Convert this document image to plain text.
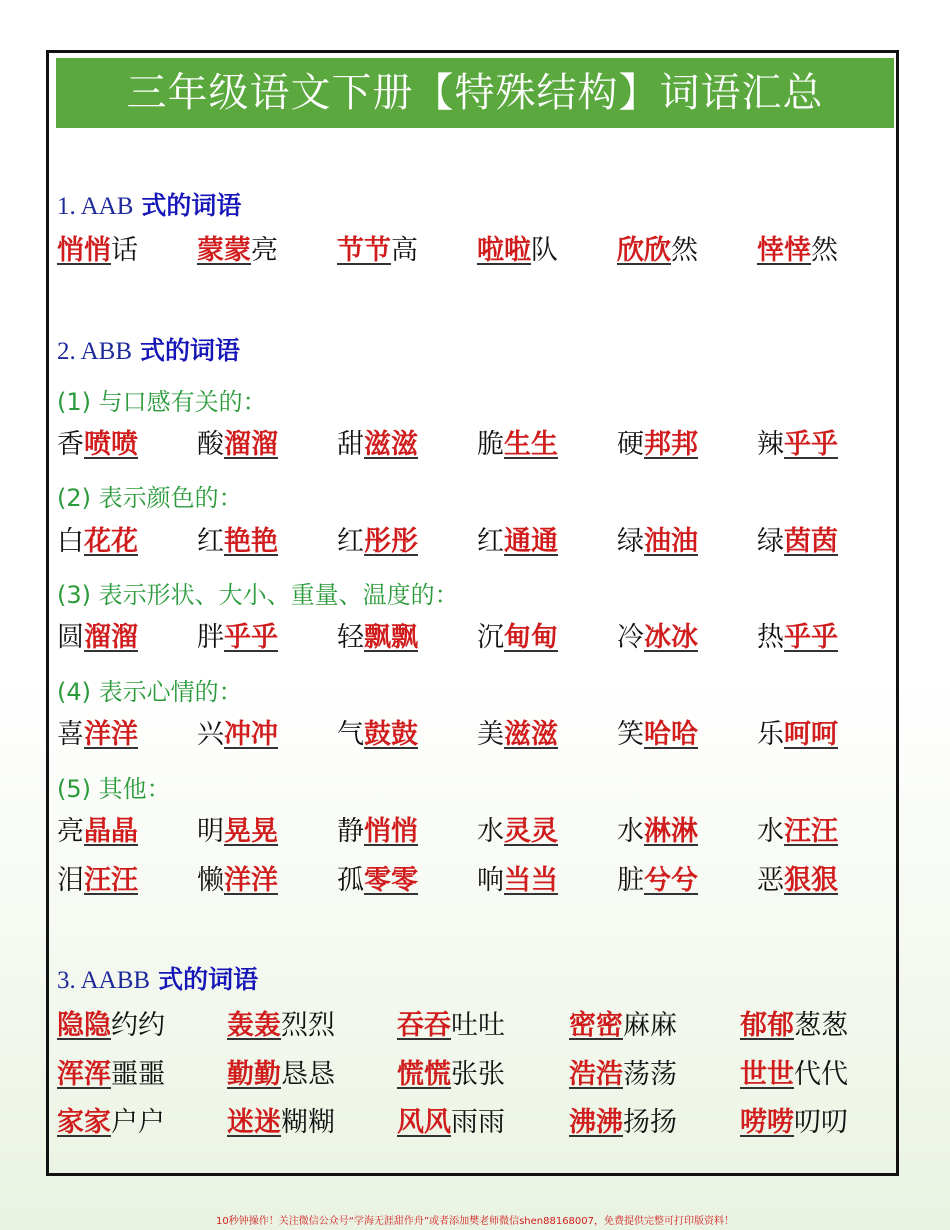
三年级语文下册【特殊结构】词语汇总
1. AAB 式的词语
悄悄话 蒙蒙亮 节节高 啦啦队 欣欣然 悻悻然
2. ABB 式的词语
(1) 与口感有关的：
香喷喷 酸溜溜 甜滋滋 脆生生 硬邦邦 辣乎乎
(2) 表示颜色的：
白花花 红艳艳 红彤彤 红通通 绿油油 绿茵茵
(3) 表示形状、大小、重量、温度的：
圆溜溜 胖乎乎 轻飘飘 沉甸甸 冷冰冰 热乎乎
(4) 表示心情的：
喜洋洋 兴冲冲 气鼓鼓 美滋滋 笑哈哈 乐呵呵
(5) 其他：
亮晶晶 明晃晃 静悄悄 水灵灵 水淋淋 水汪汪
泪汪汪 懒洋洋 孤零零 响当当 脏兮兮 恶狠狠
3. AABB 式的词语
隐隐约约 轰轰烈烈 吞吞吐吐 密密麻麻 郁郁葱葱
浑浑噩噩 勤勤恳恳 慌慌张张 浩浩荡荡 世世代代
家家户户 迷迷糊糊 风风雨雨 沸沸扬扬 唠唠叨叨
10秒钟操作！关注微信公众号“学海无涯甜作舟”或者添加樊老师微信shen88168007，免费提供完整可打印版资料！
